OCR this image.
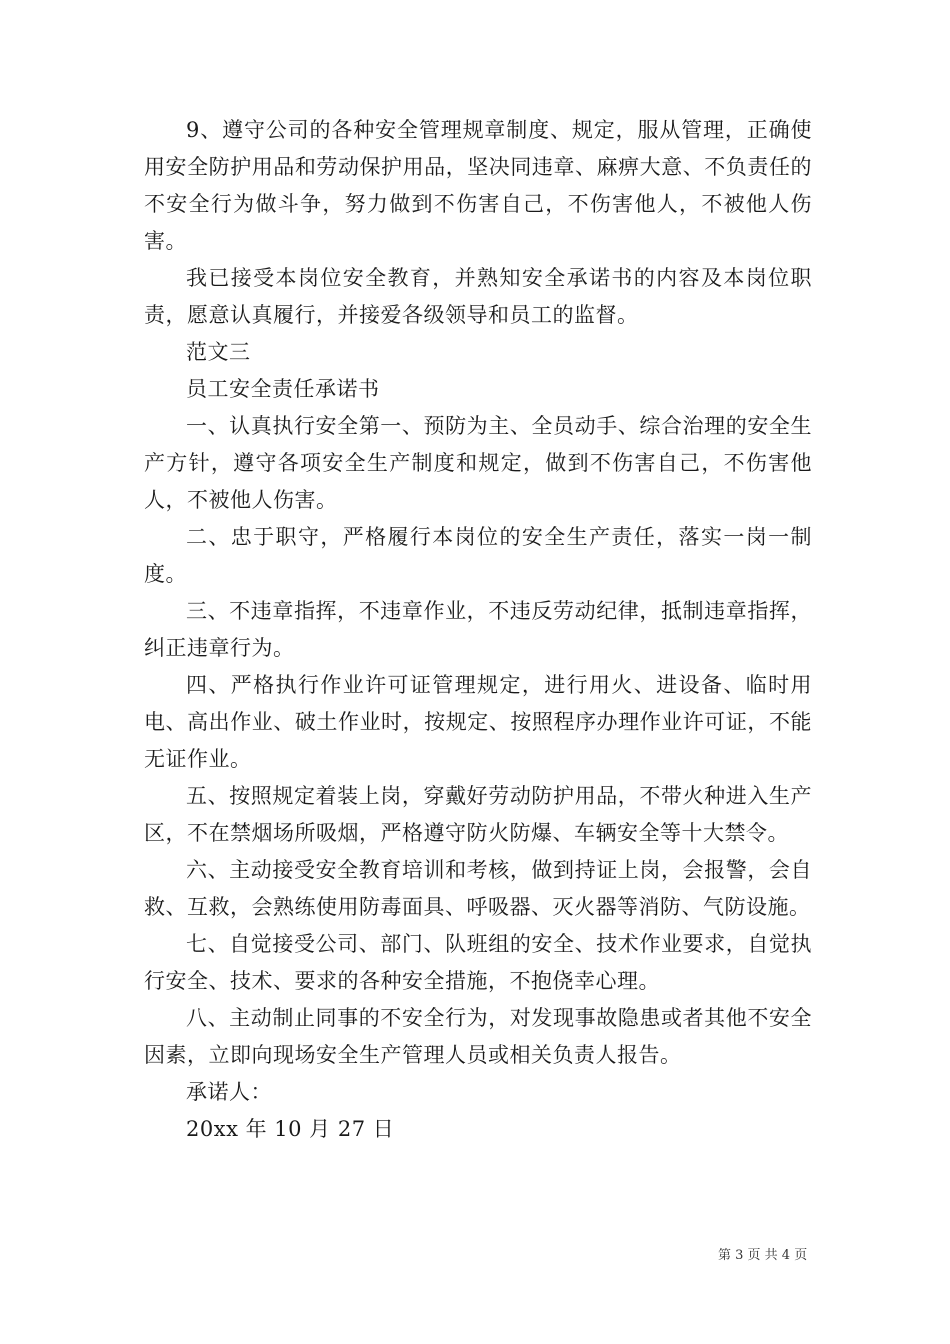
9、遵守公司的各种安全管理规章制度、规定，服从管理，正确使用安全防护用品和劳动保护用品，坚决同违章、麻痹大意、不负责任的不安全行为做斗争，努力做到不伤害自己，不伤害他人，不被他人伤害。

我已接受本岗位安全教育，并熟知安全承诺书的内容及本岗位职责，愿意认真履行，并接爱各级领导和员工的监督。

范文三

员工安全责任承诺书

一、认真执行安全第一、预防为主、全员动手、综合治理的安全生产方针，遵守各项安全生产制度和规定，做到不伤害自己，不伤害他人，不被他人伤害。

二、忠于职守，严格履行本岗位的安全生产责任，落实一岗一制度。

三、不违章指挥，不违章作业，不违反劳动纪律，抵制违章指挥，纠正违章行为。

四、严格执行作业许可证管理规定，进行用火、进设备、临时用电、高出作业、破土作业时，按规定、按照程序办理作业许可证，不能无证作业。

五、按照规定着装上岗，穿戴好劳动防护用品，不带火种进入生产区，不在禁烟场所吸烟，严格遵守防火防爆、车辆安全等十大禁令。

六、主动接受安全教育培训和考核，做到持证上岗，会报警，会自救、互救，会熟练使用防毒面具、呼吸器、灭火器等消防、气防设施。

七、自觉接受公司、部门、队班组的安全、技术作业要求，自觉执行安全、技术、要求的各种安全措施，不抱侥幸心理。

八、主动制止同事的不安全行为，对发现事故隐患或者其他不安全因素，立即向现场安全生产管理人员或相关负责人报告。

承诺人：

20xx 年 10 月 27 日

第 3 页 共 4 页
